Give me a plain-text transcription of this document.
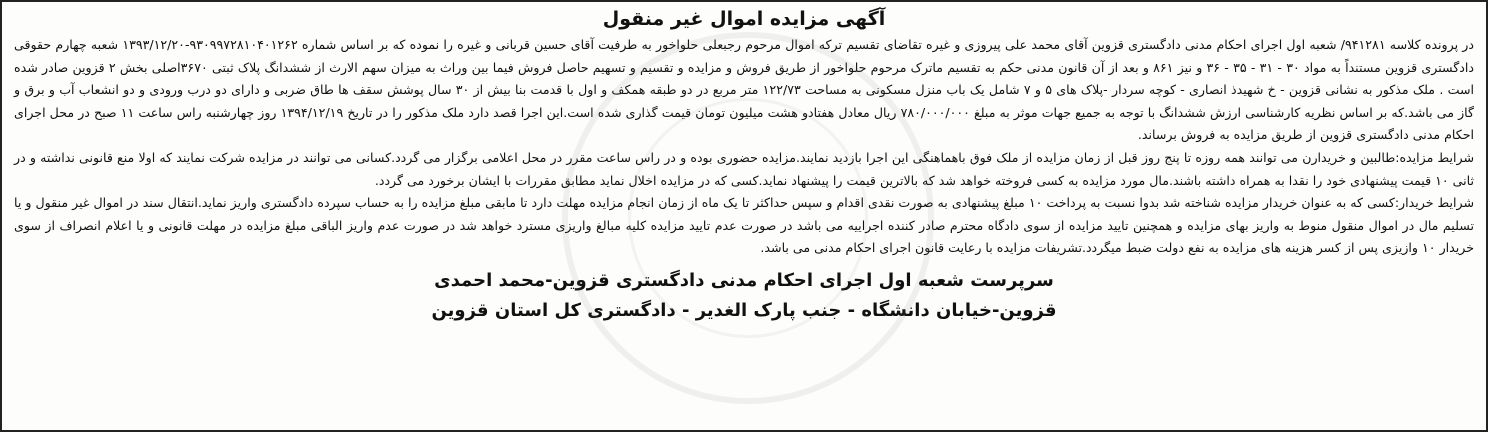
آگهی مزایده اموال غیر منقول

در پرونده کلاسه ۹۴۱۲۸۱/ شعبه اول اجرای احکام مدنی دادگستری قزوین آقای محمد علی پیروزی و غیره تقاضای تقسیم ترکه اموال مرحوم رجبعلی حلواخور به طرفیت آقای حسین قربانی و غیره را نموده که بر اساس شماره ۹۳۰۹۹۷۲۸۱۰۴۰۱۲۶۲-۱۳۹۳/۱۲/۲۰ شعبه چهارم حقوقی دادگستری قزوین مستنداً به مواد ۳۰ - ۳۱ - ۳۵ - ۳۶ و نیز ۸۶۱ و بعد از آن قانون مدنی حکم به تقسیم ماترک مرحوم حلواخور از طریق فروش و مزایده و تقسیم و تسهیم حاصل فروش فیما بین وراث به میزان سهم الارث از ششدانگ پلاک ثبتی ۳۶۷۰اصلی بخش ۲ قزوین صادر شده است . ملک مذکور به نشانی قزوین - خ شهیدذ انصاری - کوچه سردار -پلاک های ۵ و ۷ شامل یک باب منزل مسکونی به مساحت ۱۲۲/۷۳ متر مربع در دو طبقه همکف و اول با قدمت بنا بیش از ۳۰ سال پوشش سقف ها طاق ضربی و دارای دو درب ورودی و دو انشعاب آب و برق و گاز می باشد.که بر اساس نظریه کارشناسی ارزش ششدانگ با توجه به جمیع جهات موثر به مبلغ ۷۸۰/۰۰۰/۰۰۰ ریال معادل هفتادو هشت میلیون تومان قیمت گذاری شده است.این اجرا قصد دارد ملک مذکور را در تاریخ ۱۳۹۴/۱۲/۱۹ روز چهارشنبه راس ساعت ۱۱ صبح در محل اجرای احکام مدنی دادگستری قزوین از طریق مزایده به فروش برساند.

شرایط مزایده:طالبین و خریدارن می توانند همه روزه تا پنج روز قبل از زمان مزایده از ملک فوق باهماهنگی این اجرا بازدید نمایند.مزایده حضوری بوده و در راس ساعت مقرر در محل اعلامی برگزار می گردد.کسانی می توانند در مزایده شرکت نمایند که اولا منع قانونی نداشته و در ثانی ۱۰ قیمت پیشنهادی خود را نقدا به همراه داشته باشند.مال مورد مزایده به کسی فروخته خواهد شد که بالاترین قیمت را پیشنهاد نماید.کسی که در مزایده اخلال نماید مطابق مقررات با ایشان برخورد می گردد.

شرایط خریدار:کسی که به عنوان خریدار مزایده شناخته شد بدوا نسبت به پرداخت ۱۰ مبلغ پیشنهادی به صورت نقدی اقدام و سپس حداکثر تا یک ماه از زمان انجام مزایده مهلت دارد تا مابقی مبلغ مزایده را به حساب سپرده دادگستری واریز نماید.انتقال سند در اموال غیر منقول و یا تسلیم مال در اموال منقول منوط به واریز بهای مزایده و همچنین تایید مزایده از سوی دادگاه محترم صادر کننده اجراییه می باشد در صورت عدم تایید مزایده کلیه مبالغ واریزی مسترد خواهد شد در صورت عدم واریز الباقی مبلغ مزایده در مهلت قانونی و یا اعلام انصراف از سوی خریدار ۱۰ وازیزی پس از کسر هزینه های مزایده به نفع دولت ضبط میگردد.تشریفات مزایده با رعایت قانون اجرای احکام مدنی می باشد.

سرپرست شعبه اول اجرای احکام مدنی دادگستری قزوین-محمد احمدی
قزوین-خیابان دانشگاه - جنب پارک الغدیر - دادگستری کل استان قزوین
